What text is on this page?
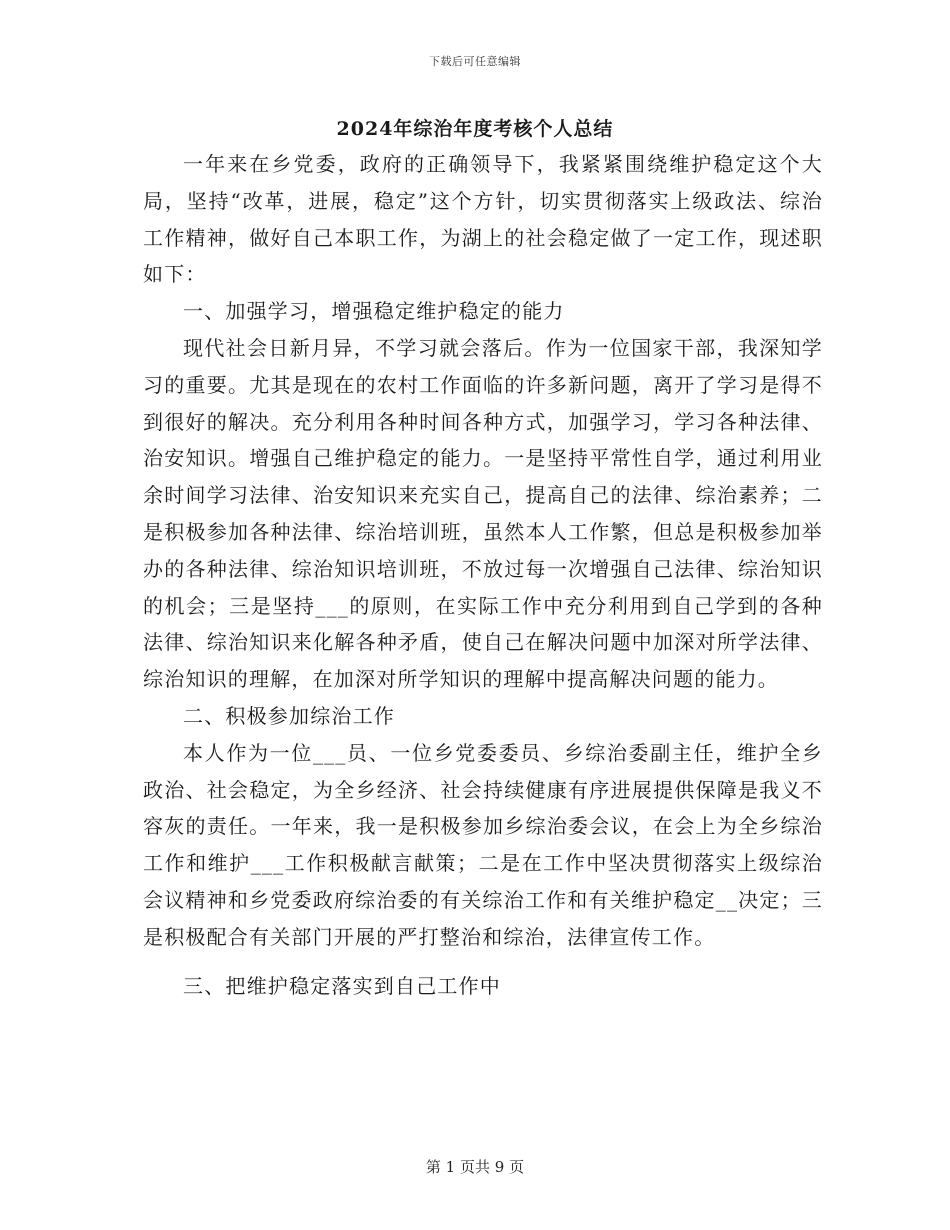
下载后可任意编辑
2024年综治年度考核个人总结

一年来在乡党委，政府的正确领导下，我紧紧围绕维护稳定这个大局，坚持“改革，进展，稳定”这个方针，切实贯彻落实上级政法、综治工作精神，做好自己本职工作，为湖上的社会稳定做了一定工作，现述职如下：

一、加强学习，增强稳定维护稳定的能力

现代社会日新月异，不学习就会落后。作为一位国家干部，我深知学习的重要。尤其是现在的农村工作面临的许多新问题，离开了学习是得不到很好的解决。充分利用各种时间各种方式，加强学习，学习各种法律、治安知识。增强自己维护稳定的能力。一是坚持平常性自学，通过利用业余时间学习法律、治安知识来充实自己，提高自己的法律、综治素养；二是积极参加各种法律、综治培训班，虽然本人工作繁，但总是积极参加举办的各种法律、综治知识培训班，不放过每一次增强自己法律、综治知识的机会；三是坚持___的原则，在实际工作中充分利用到自己学到的各种法律、综治知识来化解各种矛盾，使自己在解决问题中加深对所学法律、综治知识的理解，在加深对所学知识的理解中提高解决问题的能力。

二、积极参加综治工作

本人作为一位___员、一位乡党委委员、乡综治委副主任，维护全乡政治、社会稳定，为全乡经济、社会持续健康有序进展提供保障是我义不容灰的责任。一年来，我一是积极参加乡综治委会议，在会上为全乡综治工作和维护___工作积极献言献策；二是在工作中坚决贯彻落实上级综治会议精神和乡党委政府综治委的有关综治工作和有关维护稳定__决定；三是积极配合有关部门开展的严打整治和综治，法律宣传工作。

三、把维护稳定落实到自己工作中

第 1 页共 9 页
